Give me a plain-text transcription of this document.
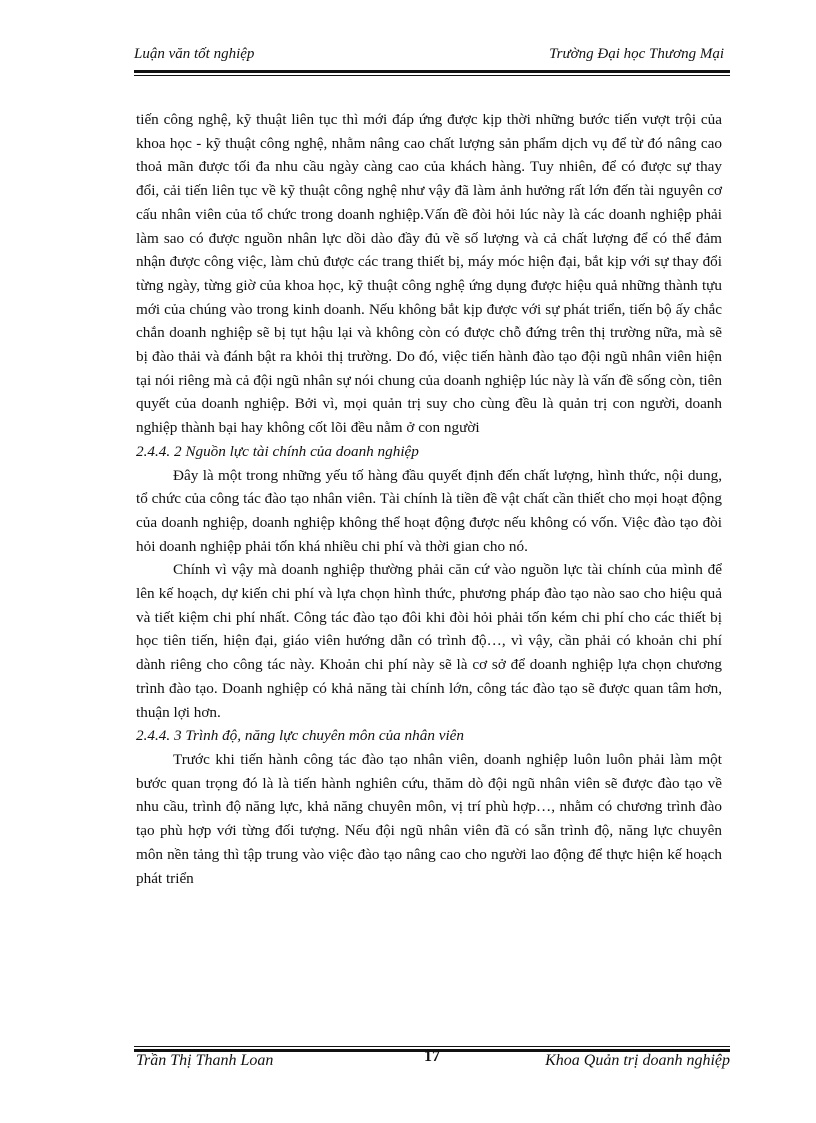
Luận văn tốt nghiệp	Trường Đại học Thương Mại

tiến công nghệ, kỹ thuật liên tục thì mới đáp ứng được kịp thời những bước tiến vượt trội của khoa học - kỹ thuật công nghệ, nhằm nâng cao chất lượng sản phẩm dịch vụ để từ đó nâng cao thoả mãn được tối đa nhu cầu ngày càng cao của khách hàng. Tuy nhiên, để có được sự thay đổi, cải tiến liên tục về kỹ thuật công nghệ như vậy đã làm ảnh hưởng rất lớn đến tài nguyên cơ cấu nhân viên của tổ chức trong doanh nghiệp.Vấn đề đòi hỏi lúc này là các doanh nghiệp phải làm sao có được nguồn nhân lực dồi dào đầy đủ về số lượng và cả chất lượng để có thể đảm nhận được công việc, làm chủ được các trang thiết bị, máy móc hiện đại, bắt kịp với sự thay đổi từng ngày, từng giờ của khoa học, kỹ thuật công nghệ ứng dụng được hiệu quả những thành tựu mới của chúng vào trong kinh doanh. Nếu không bắt kịp được với sự phát triển, tiến bộ ấy chắc chắn doanh nghiệp sẽ bị tụt hậu lại và không còn có được chỗ đứng trên thị trường nữa, mà sẽ bị đào thải và đánh bật ra khỏi thị trường. Do đó, việc tiến hành đào tạo đội ngũ nhân viên hiện tại nói riêng mà cả đội ngũ nhân sự nói chung của doanh nghiệp lúc này là vấn đề sống còn, tiên quyết của doanh nghiệp. Bởi vì, mọi quản trị suy cho cùng đều là quản trị con người, doanh nghiệp thành bại hay không cốt lõi đều nằm ở con người

2.4.4. 2 Nguồn lực tài chính của doanh nghiệp

Đây là một trong những yếu tố hàng đầu quyết định đến chất lượng, hình thức, nội dung, tổ chức của công tác đào tạo nhân viên. Tài chính là tiền đề vật chất cần thiết cho mọi hoạt động của doanh nghiệp, doanh nghiệp không thể hoạt động được nếu không có vốn. Việc đào tạo đòi hỏi doanh nghiệp phải tốn khá nhiều chi phí và thời gian cho nó.

Chính vì vậy mà doanh nghiệp thường phải căn cứ vào nguồn lực tài chính của mình để lên kế hoạch, dự kiến chi phí và lựa chọn hình thức, phương pháp đào tạo nào sao cho hiệu quả và tiết kiệm chi phí nhất. Công tác đào tạo đôi khi đòi hỏi phải tốn kém chi phí cho các thiết bị học tiên tiến, hiện đại, giáo viên hướng dẫn có trình độ…, vì vậy, cần phải có khoản chi phí dành riêng cho công tác này. Khoản chi phí này sẽ là cơ sở để doanh nghiệp lựa chọn chương trình đào tạo. Doanh nghiệp có khả năng tài chính lớn, công tác đào tạo sẽ được quan tâm hơn, thuận lợi hơn.

2.4.4. 3 Trình độ, năng lực chuyên môn của nhân viên

Trước khi tiến hành công tác đào tạo nhân viên, doanh nghiệp luôn luôn phải làm một bước quan trọng đó là là tiến hành nghiên cứu, thăm dò đội ngũ nhân viên sẽ được đào tạo về nhu cầu, trình độ năng lực, khả năng chuyên môn, vị trí phù hợp…, nhằm có chương trình đào tạo phù hợp với từng đối tượng. Nếu đội ngũ nhân viên đã có sẵn trình độ, năng lực chuyên môn nền tảng thì tập trung vào việc đào tạo nâng cao cho người lao động để thực hiện kế hoạch phát triển

Trần Thị Thanh Loan	17	Khoa Quản trị doanh nghiệp
